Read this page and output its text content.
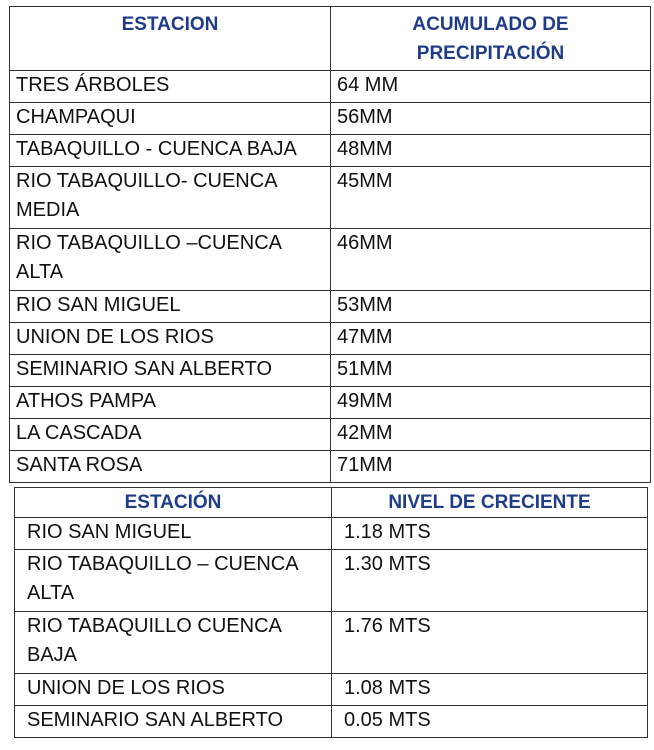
ESTACION	ACUMULADO DE PRECIPITACIÓN
TRES ÁRBOLES	64 MM
CHAMPAQUI	56MM
TABAQUILLO - CUENCA BAJA	48MM
RIO TABAQUILLO- CUENCA MEDIA	45MM
RIO TABAQUILLO –CUENCA ALTA	46MM
RIO SAN MIGUEL	53MM
UNION DE LOS RIOS	47MM
SEMINARIO SAN ALBERTO	51MM
ATHOS PAMPA	49MM
LA CASCADA	42MM
SANTA ROSA	71MM
ESTACIÓN	NIVEL DE CRECIENTE
RIO SAN MIGUEL	1.18 MTS
RIO TABAQUILLO – CUENCA ALTA	1.30 MTS
RIO TABAQUILLO CUENCA BAJA	1.76 MTS
UNION DE LOS RIOS	1.08 MTS
SEMINARIO SAN ALBERTO	0.05 MTS
